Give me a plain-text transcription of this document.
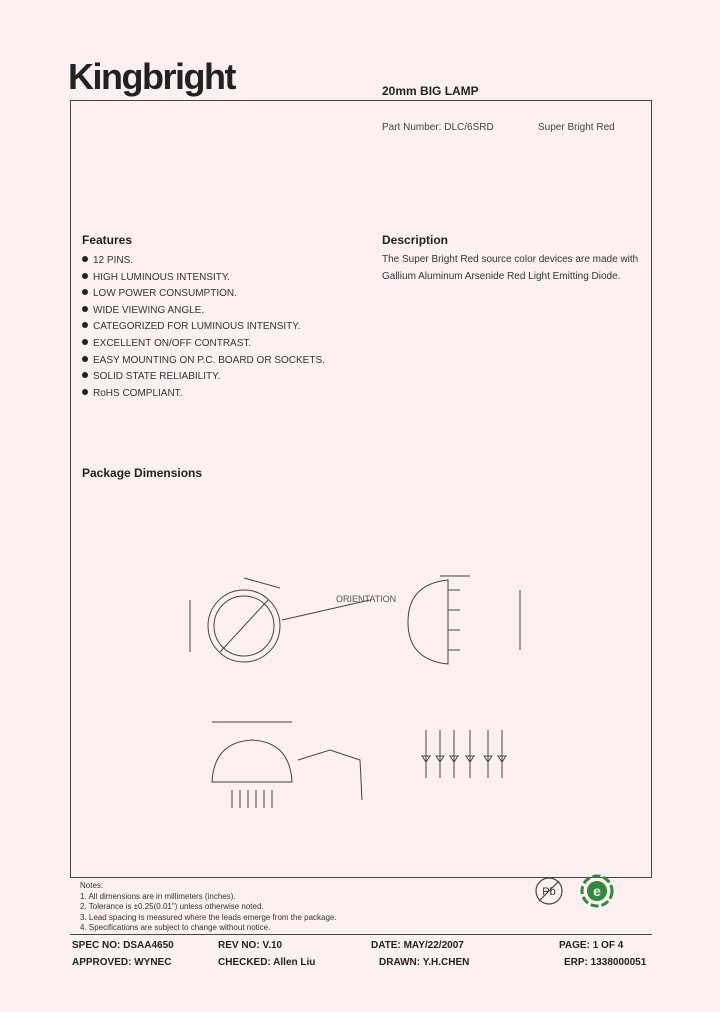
Kingbright	20mm BIG LAMP
Part Number: DLC/6SRD	Super Bright Red
Features
12 PINS.
HIGH LUMINOUS INTENSITY.
LOW POWER CONSUMPTION.
WIDE VIEWING ANGLE.
CATEGORIZED FOR LUMINOUS INTENSITY.
EXCELLENT ON/OFF CONTRAST.
EASY MOUNTING ON P.C. BOARD OR SOCKETS.
SOLID STATE RELIABILITY.
RoHS COMPLIANT.
Description
The Super Bright Red source color devices are made with Gallium Aluminum Arsenide Red Light Emitting Diode.
Package Dimensions
ORIENTATION
Notes:
1. All dimensions are in millimeters (inches).
2. Tolerance is ±0.25(0.01") unless otherwise noted.
3. Lead spacing is measured where the leads emerge from the package.
4. Specifications are subject to change without notice.
Pb	e
SPEC NO: DSAA4650	REV NO: V.10	DATE: MAY/22/2007	PAGE: 1 OF 4
APPROVED: WYNEC	CHECKED: Allen Liu	DRAWN: Y.H.CHEN	ERP: 1338000051
